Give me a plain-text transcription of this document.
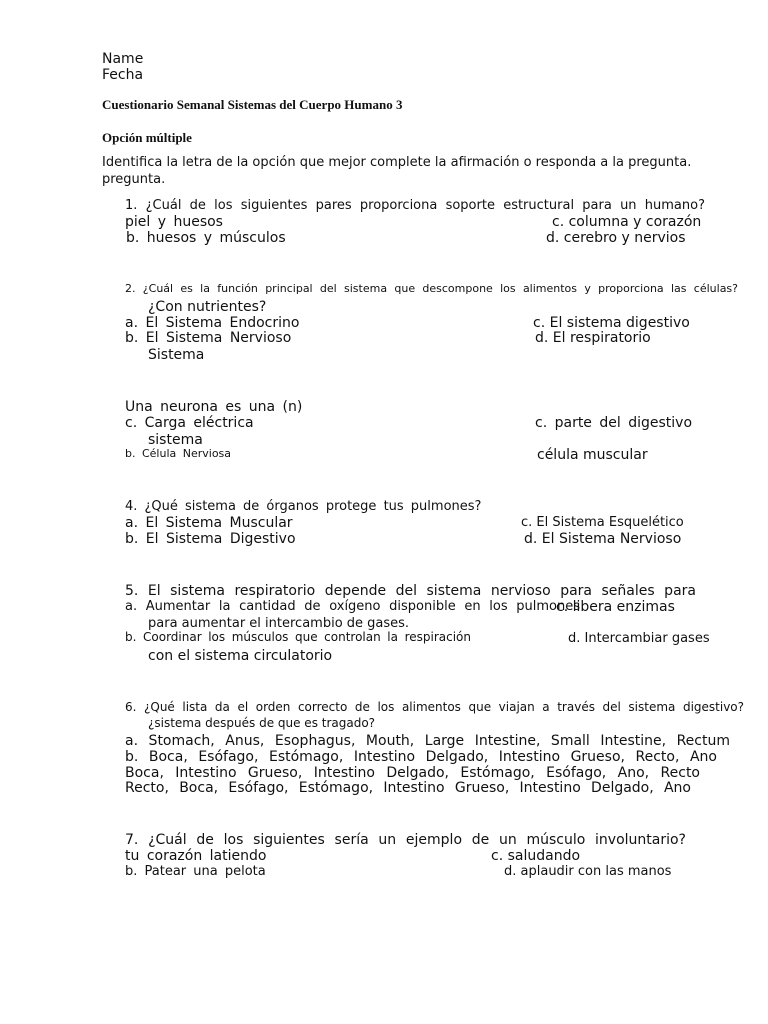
Name
Fecha
Cuestionario Semanal Sistemas del Cuerpo Humano 3
Opción múltiple
Identifica la letra de la opción que mejor complete la afirmación o responda a la pregunta.
pregunta.
1. ¿Cuál de los siguientes pares proporciona soporte estructural para un humano?
piel y huesos
b. huesos y músculos
c. columna y corazón
d. cerebro y nervios
2. ¿Cuál es la función principal del sistema que descompone los alimentos y proporciona las células?
¿Con nutrientes?
a. El Sistema Endocrino
b. El Sistema Nervioso
Sistema
c. El sistema digestivo
d. El respiratorio
Una neurona es una (n)
c. Carga eléctrica
sistema
b. Célula Nerviosa
c. parte del digestivo
célula muscular
4. ¿Qué sistema de órganos protege tus pulmones?
a. El Sistema Muscular
b. El Sistema Digestivo
c. El Sistema Esquelético
d. El Sistema Nervioso
5. El sistema respiratorio depende del sistema nervioso para señales para
a. Aumentar la cantidad de oxígeno disponible en los pulmones
para aumentar el intercambio de gases.
b. Coordinar los músculos que controlan la respiración
con el sistema circulatorio
c. libera enzimas
d. Intercambiar gases
6. ¿Qué lista da el orden correcto de los alimentos que viajan a través del sistema digestivo?
¿sistema después de que es tragado?
a. Stomach, Anus, Esophagus, Mouth, Large Intestine, Small Intestine, Rectum
b. Boca, Esófago, Estómago, Intestino Delgado, Intestino Grueso, Recto, Ano
Boca, Intestino Grueso, Intestino Delgado, Estómago, Esófago, Ano, Recto
Recto, Boca, Esófago, Estómago, Intestino Grueso, Intestino Delgado, Ano
7. ¿Cuál de los siguientes sería un ejemplo de un músculo involuntario?
tu corazón latiendo
b. Patear una pelota
c. saludando
d. aplaudir con las manos
